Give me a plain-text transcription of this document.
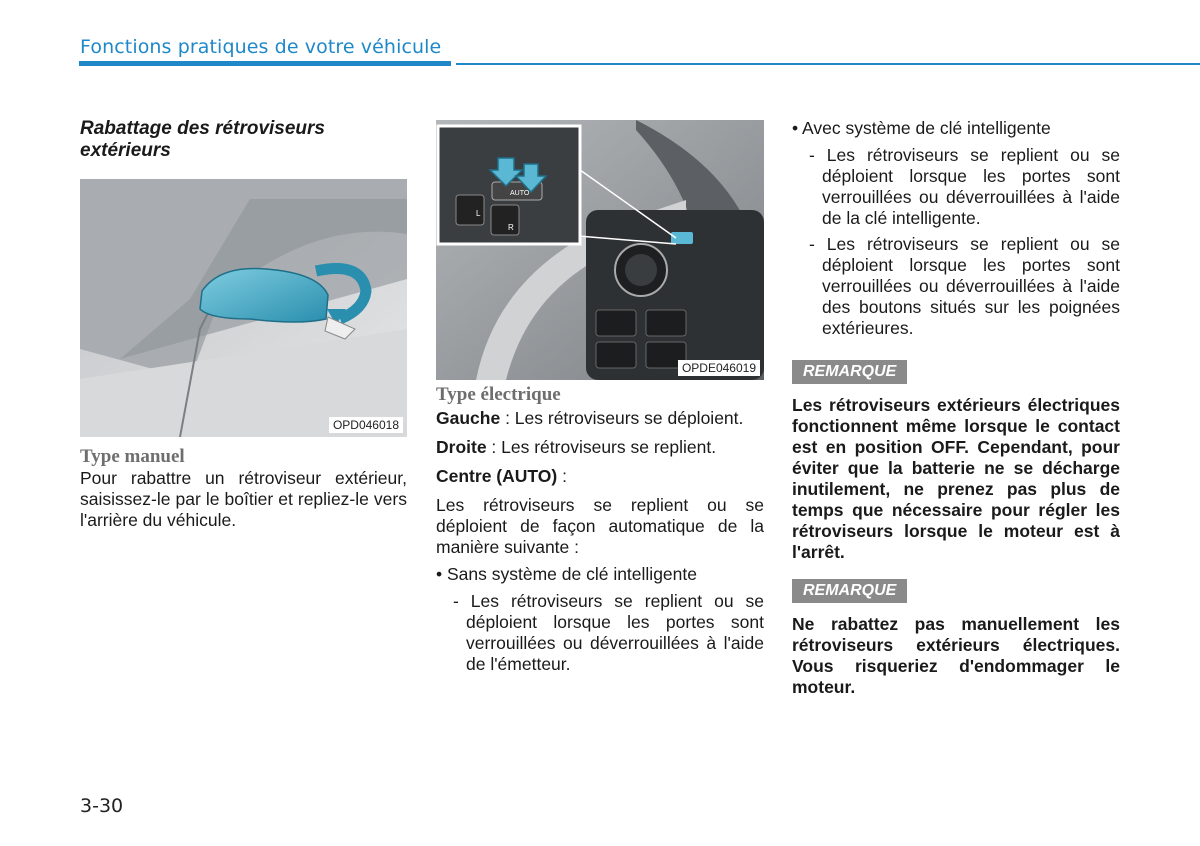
Fonctions pratiques de votre véhicule
Rabattage des rétroviseurs extérieurs
OPD046018
Type manuel

Pour rabattre un rétroviseur extérieur, saisissez-le par le boîtier et repliez-le vers l'arrière du véhicule.

L
R
AUTO
OPDE046019
Type électrique

Gauche : Les rétroviseurs se déploient.

Droite : Les rétroviseurs se replient.

Centre (AUTO) :

Les rétroviseurs se replient ou se déploient de façon automatique de la manière suivante :

• Sans système de clé intelligente

- Les rétroviseurs se replient ou se déploient lorsque les portes sont verrouillées ou déverrouillées à l'aide de l'émetteur.

• Avec système de clé intelligente

- Les rétroviseurs se replient ou se déploient lorsque les portes sont verrouillées ou déverrouillées à l'aide de la clé intelligente.

- Les rétroviseurs se replient ou se déploient lorsque les portes sont verrouillées ou déverrouillées à l'aide des boutons situés sur les poignées extérieures.

REMARQUE

Les rétroviseurs extérieurs électriques fonctionnent même lorsque le contact est en position OFF. Cependant, pour éviter que la batterie ne se décharge inutilement, ne prenez pas plus de temps que nécessaire pour régler les rétroviseurs lorsque le moteur est à l'arrêt.

REMARQUE

Ne rabattez pas manuellement les rétroviseurs extérieurs électriques. Vous risqueriez d'endommager le moteur.

3-30
